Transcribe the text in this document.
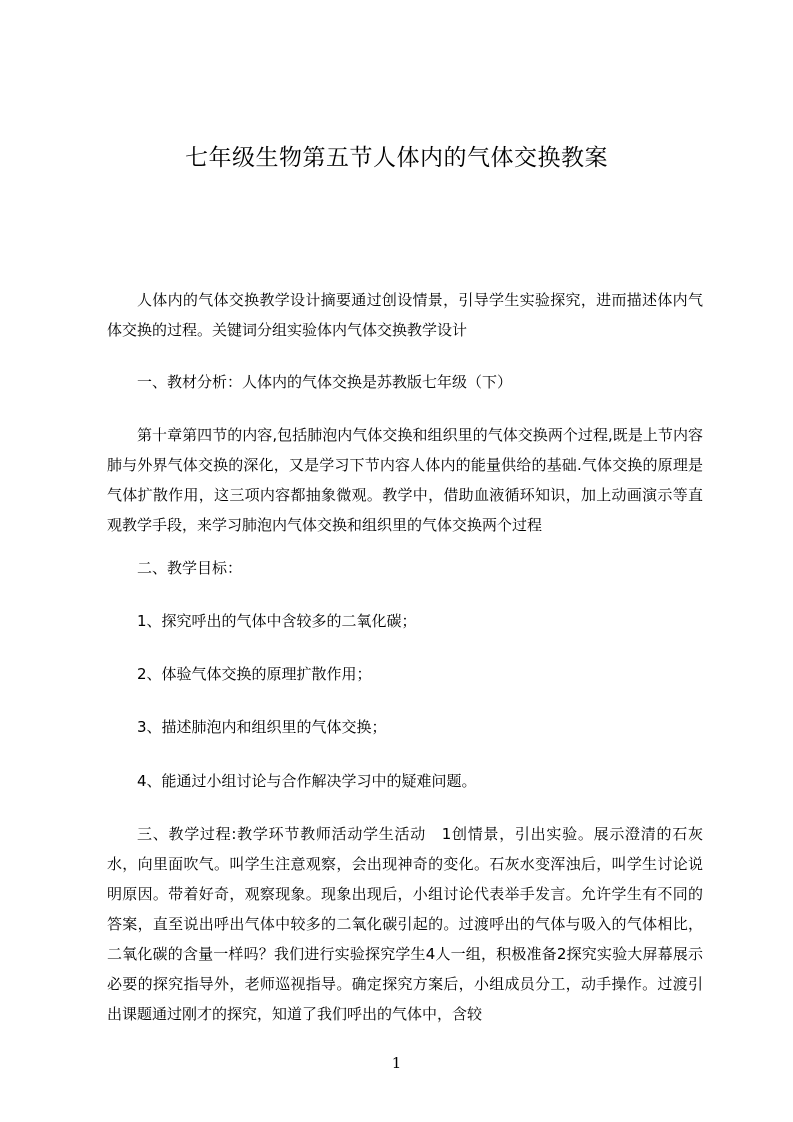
七年级生物第五节人体内的气体交换教案

人体内的气体交换教学设计摘要通过创设情景，引导学生实验探究，进而描述体内气体交换的过程。关键词分组实验体内气体交换教学设计

一、教材分析：人体内的气体交换是苏教版七年级（下）

第十章第四节的内容,包括肺泡内气体交换和组织里的气体交换两个过程,既是上节内容肺与外界气体交换的深化，又是学习下节内容人体内的能量供给的基础.气体交换的原理是气体扩散作用，这三项内容都抽象微观。教学中，借助血液循环知识，加上动画演示等直观教学手段，来学习肺泡内气体交换和组织里的气体交换两个过程

二、教学目标：

1、探究呼出的气体中含较多的二氧化碳；

2、体验气体交换的原理扩散作用；

3、描述肺泡内和组织里的气体交换；

4、能通过小组讨论与合作解决学习中的疑难问题。

三、教学过程:教学环节教师活动学生活动　1创情景，引出实验。展示澄清的石灰水，向里面吹气。叫学生注意观察，会出现神奇的变化。石灰水变浑浊后，叫学生讨论说明原因。带着好奇，观察现象。现象出现后，小组讨论代表举手发言。允许学生有不同的答案，直至说出呼出气体中较多的二氧化碳引起的。过渡呼出的气体与吸入的气体相比，二氧化碳的含量一样吗？我们进行实验探究学生4人一组，积极准备2探究实验大屏幕展示必要的探究指导外，老师巡视指导。确定探究方案后，小组成员分工，动手操作。过渡引出课题通过刚才的探究，知道了我们呼出的气体中，含较

1
